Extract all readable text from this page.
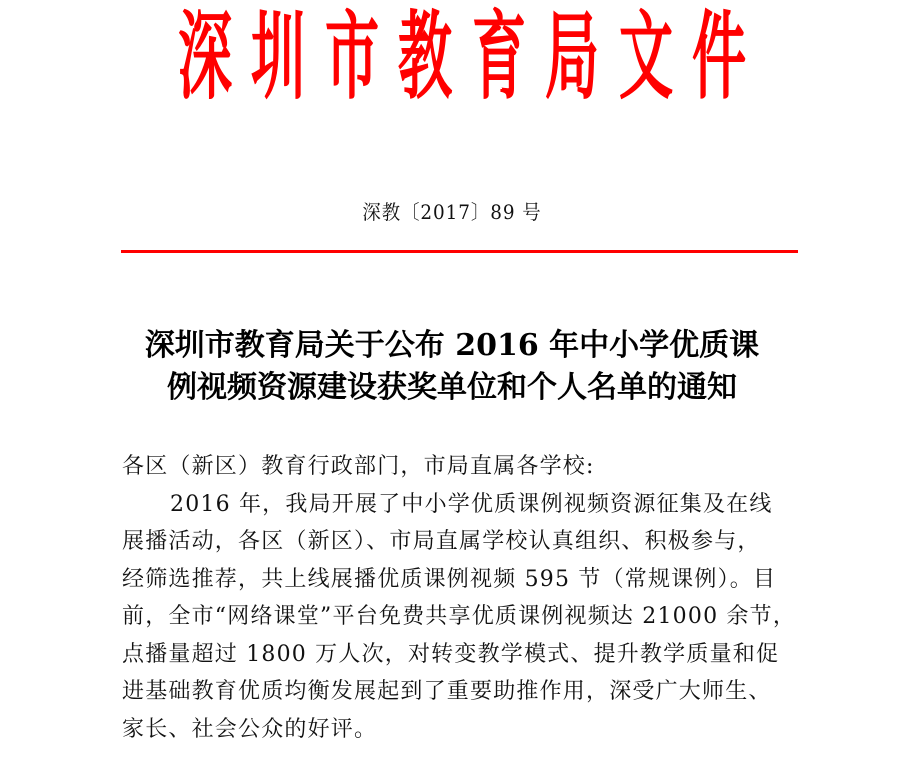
深 圳 市 教 育 局 文 件
深教〔2017〕89 号
深圳市教育局关于公布 2016 年中小学优质课
例视频资源建设获奖单位和个人名单的通知
各区（新区）教育行政部门，市局直属各学校:
2016 年，我局开展了中小学优质课例视频资源征集及在线
展播活动，各区（新区）、市局直属学校认真组织、积极参与，
经筛选推荐，共上线展播优质课例视频 595 节（常规课例）。目
前，全市“网络课堂”平台免费共享优质课例视频达 21000 余节，
点播量超过 1800 万人次，对转变教学模式、提升教学质量和促
进基础教育优质均衡发展起到了重要助推作用，深受广大师生、
家长、社会公众的好评。
